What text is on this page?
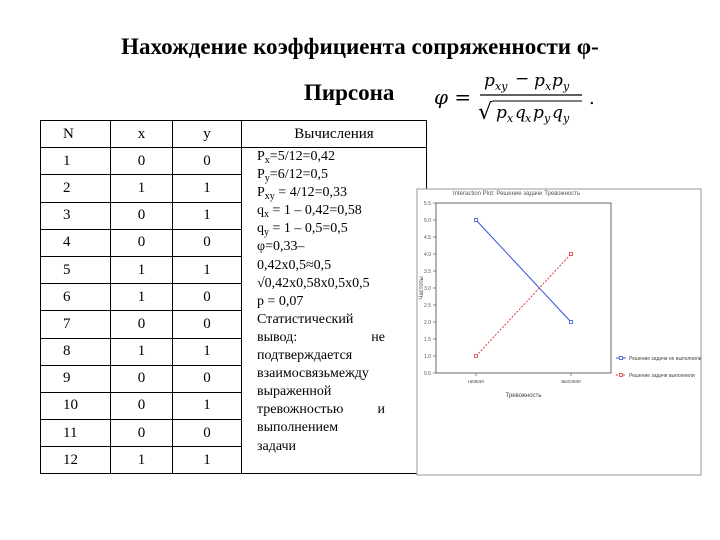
Нахождение коэффициента сопряженности φ-
Пирсона φ =
p xy − p x p y
√ p x q x p y q y
.
N	x	y	Вычисления
1	0	0	
2	1	1	
3	0	1	
4	0	0	
5	1	1	
6	1	0	
7	0	0	
8	1	1	
9	0	0	
10	0	1	
11	0	0	
12	1	1	
$P_x=5/12=0,42$
$P_y=6/12=0,5$
$P_{xy} = 4/12=0,33$
$q_x = 1 - 0,42=0,58$
$q_y = 1 - 0,5=0,5$
φ=0,33–
0,42x0,5≈0,5
√0,42x0,58x0,5x0,5
p = 0,07
Статистический
вывод:	не
подтверждается
взаимосвязьмежду
выраженной
тревожностью и
выполнением
задачи
Interaction Plot: Решение задачи Тревожность
0.5
1.0
1.5
2.0
2.5
3.0
3.5
4.0
4.5
5.0
5.5
низкая	высокая
Тревожность
Частоты
Решение задачи не выполнили
Решение задачи выполнили
